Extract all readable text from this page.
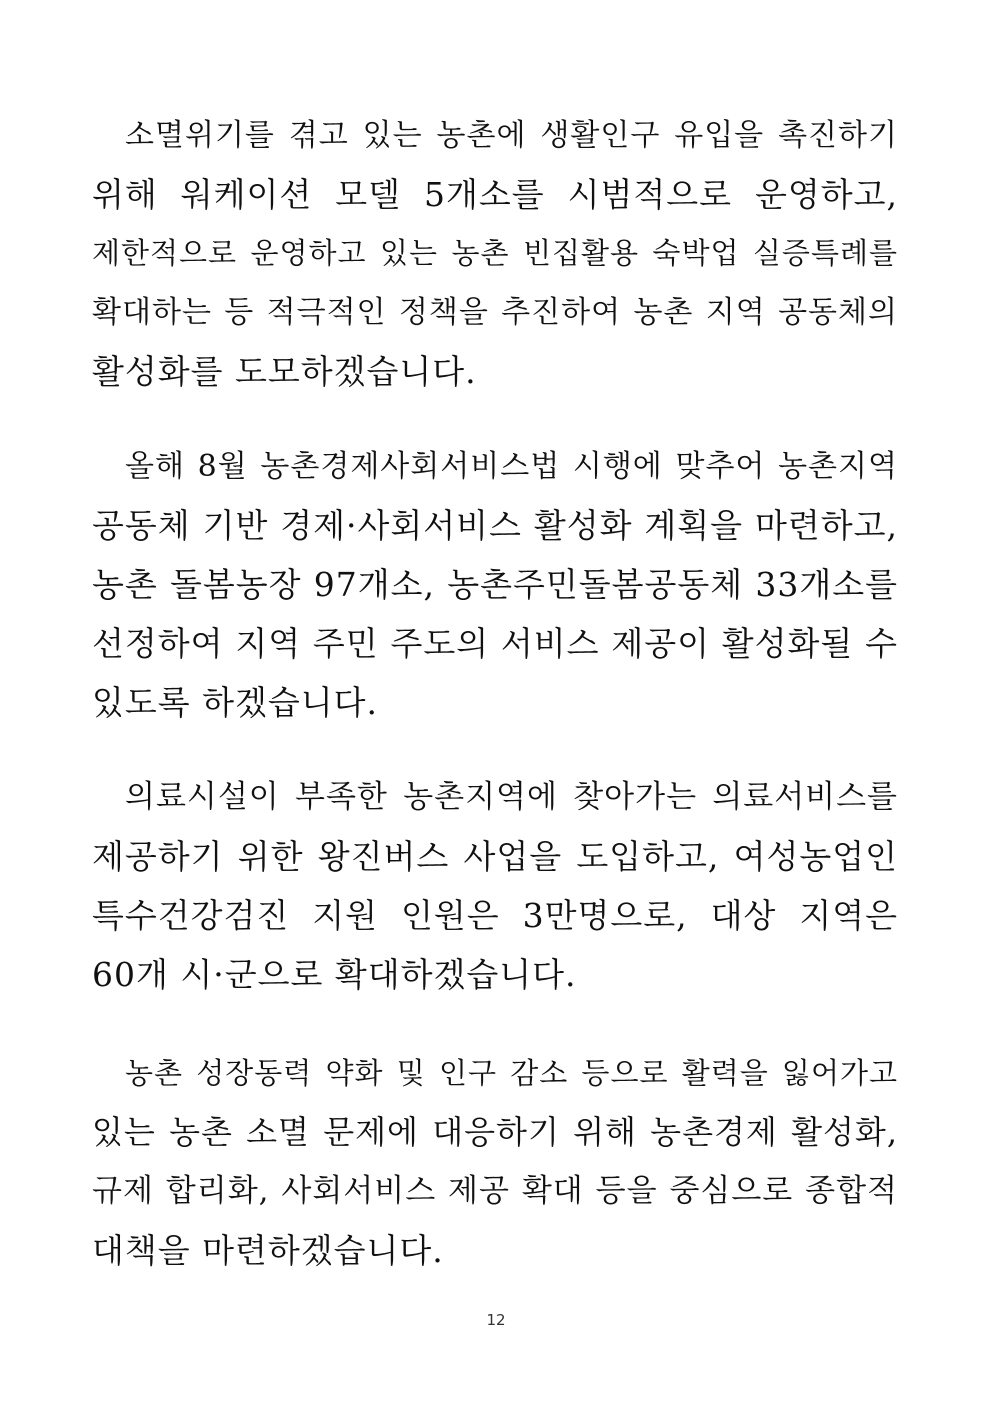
소멸위기를 겪고 있는 농촌에 생활인구 유입을 촉진하기
위해 워케이션 모델 5개소를 시범적으로 운영하고,
제한적으로 운영하고 있는 농촌 빈집활용 숙박업 실증특례를
확대하는 등 적극적인 정책을 추진하여 농촌 지역 공동체의
활성화를 도모하겠습니다.
올해 8월 농촌경제사회서비스법 시행에 맞추어 농촌지역
공동체 기반 경제·사회서비스 활성화 계획을 마련하고,
농촌 돌봄농장 97개소, 농촌주민돌봄공동체 33개소를
선정하여 지역 주민 주도의 서비스 제공이 활성화될 수
있도록 하겠습니다.
의료시설이 부족한 농촌지역에 찾아가는 의료서비스를
제공하기 위한 왕진버스 사업을 도입하고, 여성농업인
특수건강검진 지원 인원은 3만명으로, 대상 지역은
60개 시·군으로 확대하겠습니다.
농촌 성장동력 약화 및 인구 감소 등으로 활력을 잃어가고
있는 농촌 소멸 문제에 대응하기 위해 농촌경제 활성화,
규제 합리화, 사회서비스 제공 확대 등을 중심으로 종합적
대책을 마련하겠습니다.
12
